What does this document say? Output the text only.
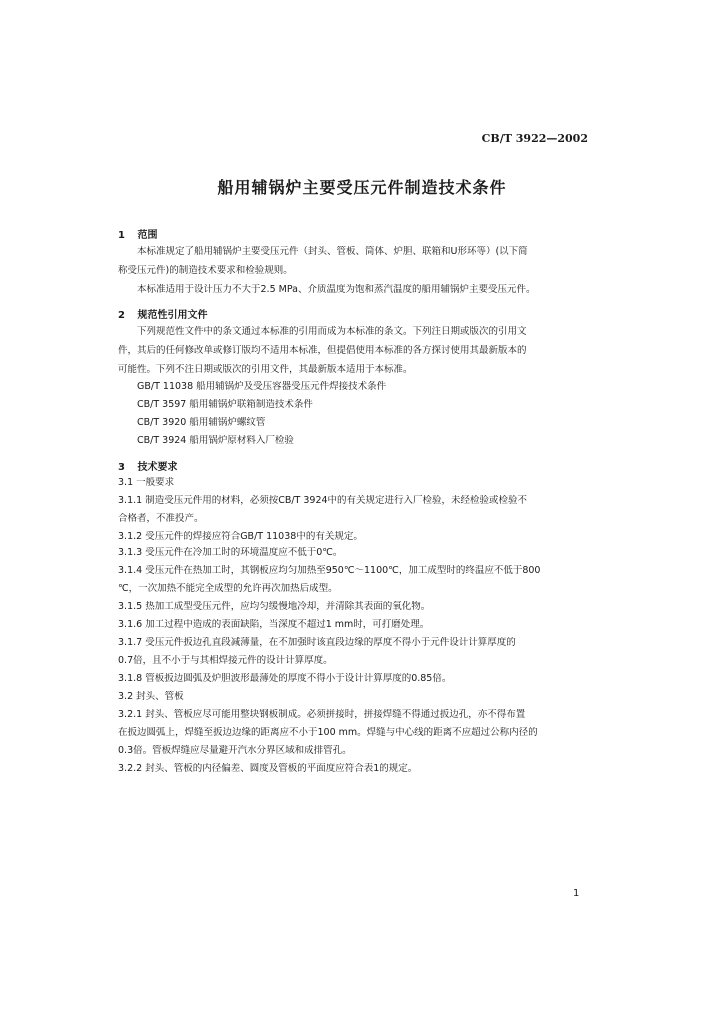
CB/T 3922—2002
船用辅锅炉主要受压元件制造技术条件
1 范围
本标准规定了船用辅锅炉主要受压元件（封头、管板、筒体、炉胆、联箱和U形环等）(以下简
称受压元件)的制造技术要求和检验规则。
本标准适用于设计压力不大于2.5 MPa、介质温度为饱和蒸汽温度的船用辅锅炉主要受压元件。
2 规范性引用文件
下列规范性文件中的条文通过本标准的引用而成为本标准的条文。下列注日期或版次的引用文
件，其后的任何修改单或修订版均不适用本标准，但提倡使用本标准的各方探讨使用其最新版本的
可能性。下列不注日期或版次的引用文件，其最新版本适用于本标准。
GB/T 11038 船用辅锅炉及受压容器受压元件焊接技术条件
CB/T 3597 船用辅锅炉联箱制造技术条件
CB/T 3920 船用辅锅炉螺纹管
CB/T 3924 船用锅炉原材料入厂检验
3 技术要求
3.1 一般要求
3.1.1 制造受压元件用的材料，必须按CB/T 3924中的有关规定进行入厂检验，未经检验或检验不
合格者，不准投产。
3.1.2 受压元件的焊接应符合GB/T 11038中的有关规定。
3.1.3 受压元件在冷加工时的环境温度应不低于0℃。
3.1.4 受压元件在热加工时，其钢板应均匀加热至950℃～1100℃，加工成型时的终温应不低于800
℃，一次加热不能完全成型的允许再次加热后成型。
3.1.5 热加工成型受压元件，应均匀缓慢地冷却，并清除其表面的氧化物。
3.1.6 加工过程中造成的表面缺陷，当深度不超过1 mm时，可打磨处理。
3.1.7 受压元件扳边孔直段减薄量，在不加强时该直段边缘的厚度不得小于元件设计计算厚度的
0.7倍，且不小于与其相焊接元件的设计计算厚度。
3.1.8 管板扳边圆弧及炉胆波形最薄处的厚度不得小于设计计算厚度的0.85倍。
3.2 封头、管板
3.2.1 封头、管板应尽可能用整块钢板制成。必须拼接时，拼接焊缝不得通过扳边孔，亦不得布置
在扳边圆弧上，焊缝至扳边边缘的距离应不小于100 mm。焊缝与中心线的距离不应超过公称内径的
0.3倍。管板焊缝应尽量避开汽水分界区域和成排管孔。
3.2.2 封头、管板的内径偏差、圆度及管板的平面度应符合表1的规定。
1
